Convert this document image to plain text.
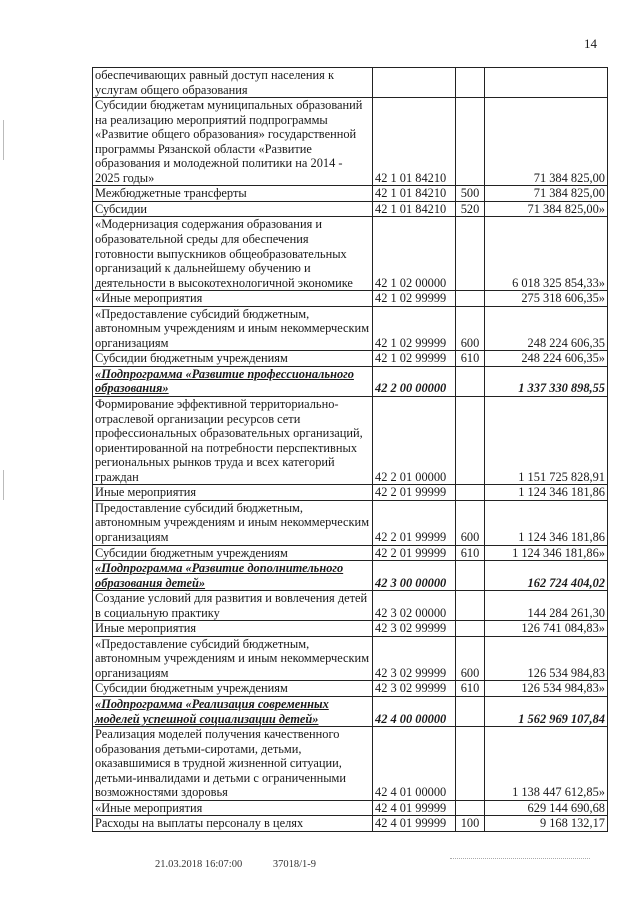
14
обеспечивающих равный доступ населения к услугам общего образования			
Субсидии бюджетам муниципальных образований на реализацию мероприятий подпрограммы «Развитие общего образования» государственной программы Рязанской области «Развитие образования и молодежной политики на 2014 - 2025 годы»	42 1 01 84210		71 384 825,00
Межбюджетные трансферты	42 1 01 84210	500	71 384 825,00
Субсидии	42 1 01 84210	520	71 384 825,00»
«Модернизация содержания образования и образовательной среды для обеспечения готовности выпускников общеобразовательных организаций к дальнейшему обучению и деятельности в высокотехнологичной экономике	42 1 02 00000		6 018 325 854,33»
«Иные мероприятия	42 1 02 99999		275 318 606,35»
«Предоставление субсидий бюджетным, автономным учреждениям и иным некоммерческим организациям	42 1 02 99999	600	248 224 606,35
Субсидии бюджетным учреждениям	42 1 02 99999	610	248 224 606,35»
«Подпрограмма «Развитие профессионального образования»	42 2 00 00000		1 337 330 898,55
Формирование эффективной территориально-отраслевой организации ресурсов сети профессиональных образовательных организаций, ориентированной на потребности перспективных региональных рынков труда и всех категорий граждан	42 2 01 00000		1 151 725 828,91
Иные мероприятия	42 2 01 99999		1 124 346 181,86
Предоставление субсидий бюджетным, автономным учреждениям и иным некоммерческим организациям	42 2 01 99999	600	1 124 346 181,86
Субсидии бюджетным учреждениям	42 2 01 99999	610	1 124 346 181,86»
«Подпрограмма «Развитие дополнительного образования детей»	42 3 00 00000		162 724 404,02
Создание условий для развития и вовлечения детей в социальную практику	42 3 02 00000		144 284 261,30
Иные мероприятия	42 3 02 99999		126 741 084,83»
«Предоставление субсидий бюджетным, автономным учреждениям и иным некоммерческим организациям	42 3 02 99999	600	126 534 984,83
Субсидии бюджетным учреждениям	42 3 02 99999	610	126 534 984,83»
«Подпрограмма «Реализация современных моделей успешной социализации детей»	42 4 00 00000		1 562 969 107,84
Реализация моделей получения качественного образования детьми-сиротами, детьми, оказавшимися в трудной жизненной ситуации, детьми-инвалидами и детьми с ограниченными возможностями здоровья	42 4 01 00000		1 138 447 612,85»
«Иные мероприятия	42 4 01 99999		629 144 690,68
Расходы на выплаты персоналу в целях	42 4 01 99999	100	9 168 132,17
21.03.2018 16:07:00	37018/1-9
